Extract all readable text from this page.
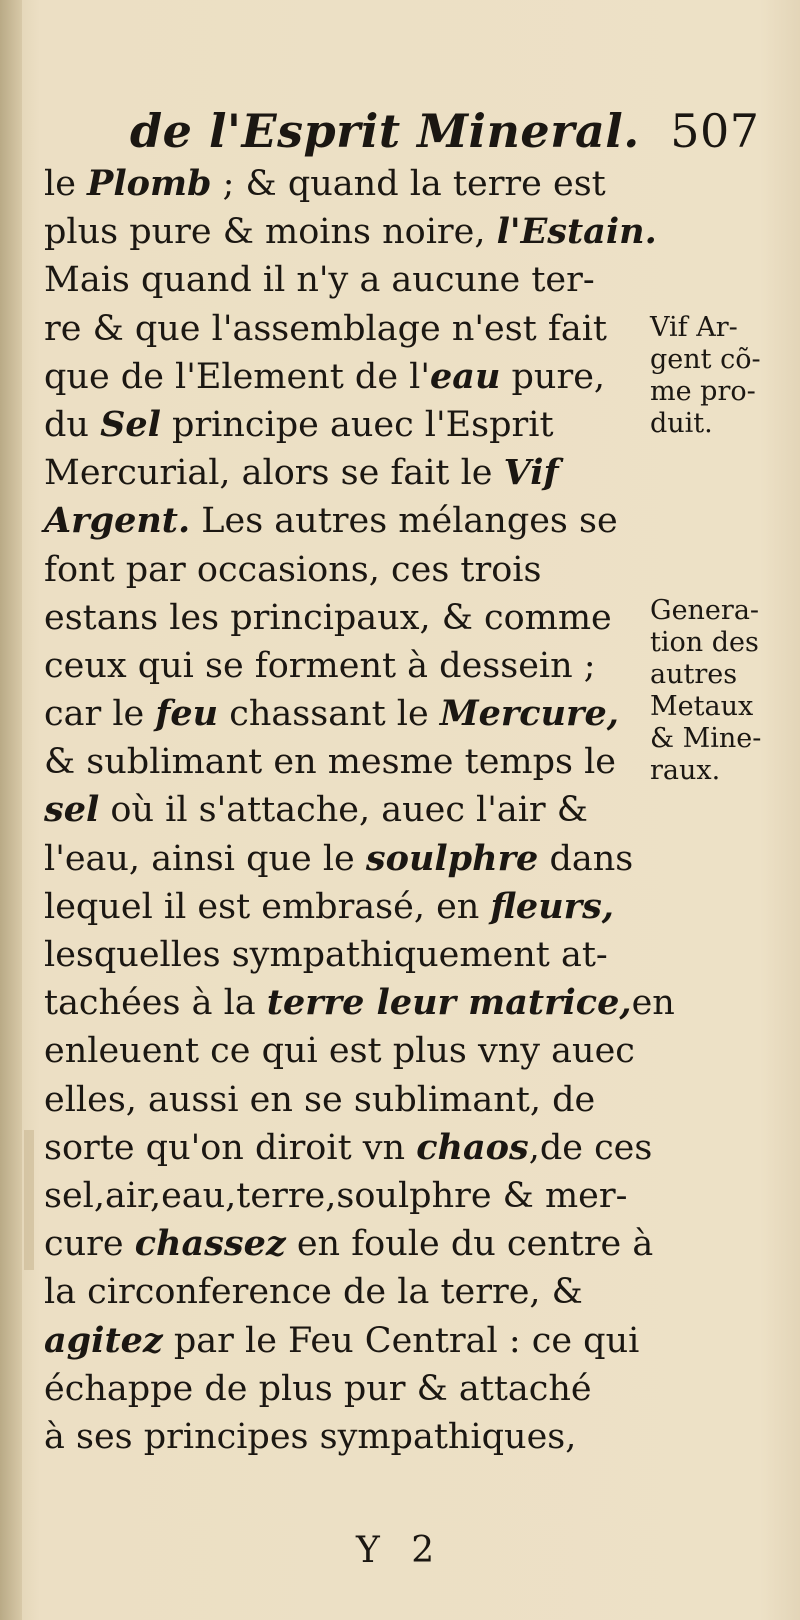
de l'Esprit Mineral. 507
le Plomb ; & quand la terre est
plus pure & moins noire, l'Estain.
Mais quand il n'y a aucune ter-
re & que l'assemblage n'est fait
que de l'Element de l'eau pure,
du Sel principe auec l'Esprit
Mercurial, alors se fait le Vif
Argent. Les autres mélanges se
font par occasions, ces trois
estans les principaux, & comme
ceux qui se forment à dessein ;
car le feu chassant le Mercure,
& sublimant en mesme temps le
sel où il s'attache, auec l'air &
l'eau, ainsi que le soulphre dans
lequel il est embrasé, en fleurs,
lesquelles sympathiquement at-
tachées à la terre leur matrice,en
enleuent ce qui est plus vny auec
elles, aussi en se sublimant, de
sorte qu'on diroit vn chaos,de ces
sel,air,eau,terre,soulphre & mer-
cure chassez en foule du centre à
la circonference de la terre, &
agitez par le Feu Central : ce qui
échappe de plus pur & attaché
à ses principes sympathiques,
Vif Ar-
gent cõ-
me pro-
duit.
Genera-
tion des
autres
Metaux
& Mine-
raux.
Y 2
